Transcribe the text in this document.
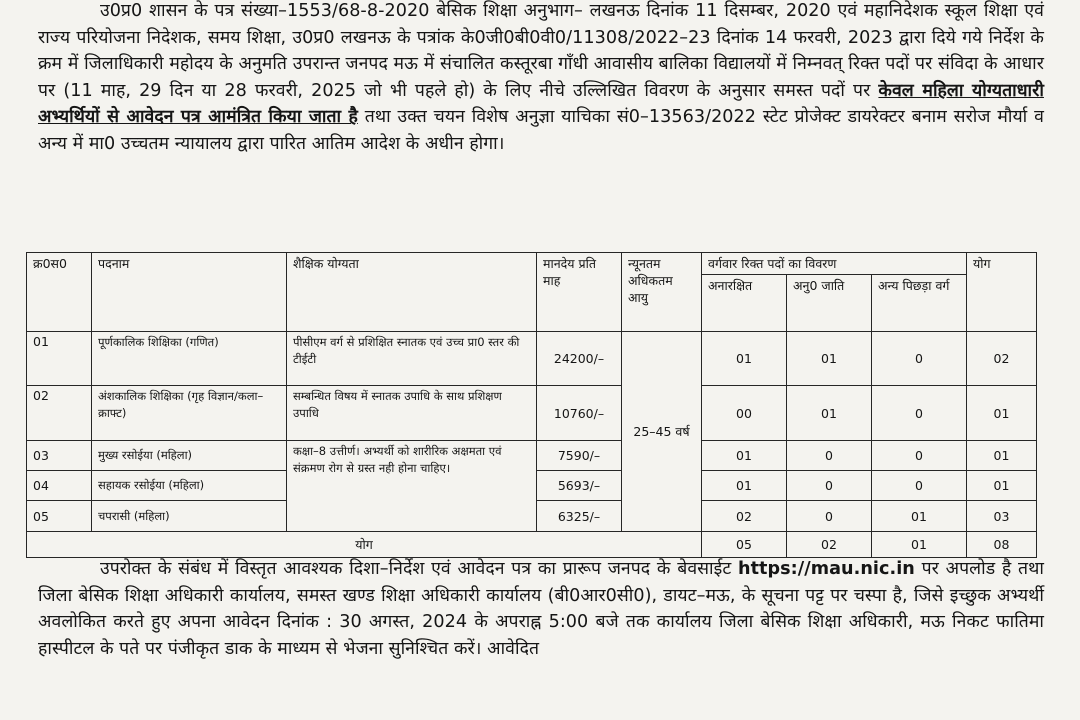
उ0प्र0 शासन के पत्र संख्या–1553/68-8-2020 बेसिक शिक्षा अनुभाग– लखनऊ दिनांक 11 दिसम्बर, 2020 एवं महानिदेशक स्कूल शिक्षा एवं राज्य परियोजना निदेशक, समय शिक्षा, उ0प्र0 लखनऊ के पत्रांक के0जी0बी0वी0/11308/2022–23 दिनांक 14 फरवरी, 2023 द्वारा दिये गये निर्देश के क्रम में जिलाधिकारी महोदय के अनुमति उपरान्त जनपद मऊ में संचालित कस्तूरबा गाँधी आवासीय बालिका विद्यालयों में निम्नवत् रिक्त पदों पर संविदा के आधार पर (11 माह, 29 दिन या 28 फरवरी, 2025 जो भी पहले हो) के लिए नीचे उल्लिखित विवरण के अनुसार समस्त पदों पर केवल महिला योग्यताधारी अभ्यर्थियों से आवेदन पत्र आमंत्रित किया जाता है तथा उक्त चयन विशेष अनुज्ञा याचिका सं0–13563/2022 स्टेट प्रोजेक्ट डायरेक्टर बनाम सरोज मौर्या व अन्य में मा0 उच्चतम न्यायालय द्वारा पारित आतिम आदेश के अधीन होगा।

क्र0स0	पदनाम	शैक्षिक योग्यता	मानदेय प्रति माह	न्यूनतम अधिकतम आयु	वर्गवार रिक्त पदों का विवरण			योग
					अनारक्षित	अनु0 जाति	अन्य पिछड़ा वर्ग	
01	पूर्णकालिक शिक्षिका (गणित)	पीसीएम वर्ग से प्रशिक्षित स्नातक एवं उच्च प्रा0 स्तर की टीईटी	24200/–	25–45 वर्ष	01	01	0	02
02	अंशकालिक शिक्षिका (गृह विज्ञान/कला–क्राफ्ट)	सम्बन्धित विषय में स्नातक उपाधि के साथ प्रशिक्षण उपाधि	10760/–		00	01	0	01
03	मुख्य रसोईया (महिला)	कक्षा–8 उत्तीर्ण। अभ्यर्थी को शारीरिक अक्षमता एवं संक्रमण रोग से ग्रस्त नही होना चाहिए।	7590/–		01	0	0	01
04	सहायक रसोईया (महिला)		5693/–		01	0	0	01
05	चपरासी (महिला)		6325/–		02	0	01	03
योग					05	02	01	08

उपरोक्त के संबंध में विस्तृत आवश्यक दिशा–निर्देश एवं आवेदन पत्र का प्रारूप जनपद के बेवसाईट https://mau.nic.in पर अपलोड है तथा जिला बेसिक शिक्षा अधिकारी कार्यालय, समस्त खण्ड शिक्षा अधिकारी कार्यालय (बी0आर0सी0), डायट–मऊ, के सूचना पट्ट पर चस्पा है, जिसे इच्छुक अभ्यर्थी अवलोकित करते हुए अपना आवेदन दिनांक : 30 अगस्त, 2024 के अपराह्न 5:00 बजे तक कार्यालय जिला बेसिक शिक्षा अधिकारी, मऊ निकट फातिमा हास्पीटल के पते पर पंजीकृत डाक के माध्यम से भेजना सुनिश्चित करें। आवेदित
